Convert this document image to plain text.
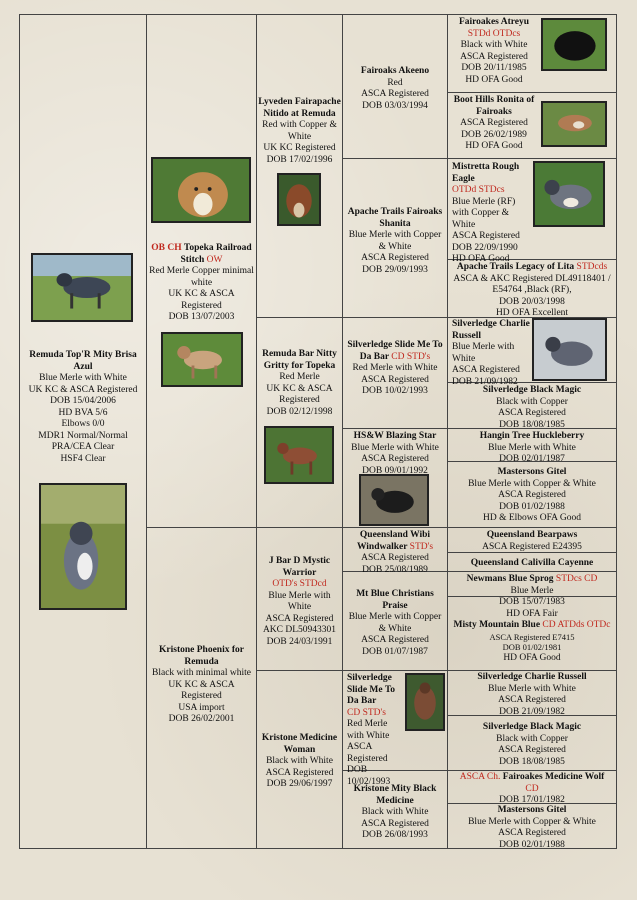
Remuda Top'R Mity Brisa Azul
Blue Merle with White
UK KC & ASCA Registered
DOB 15/04/2006
HD BVA 5/6
Elbows 0/0
MDR1 Normal/Normal
PRA/CEA Clear
HSF4 Clear
OB CH Topeka Railroad Stitch OW
Red Merle Copper minimal white
UK KC & ASCA Registered
DOB 13/07/2003
Kristone Phoenix for Remuda
Black with minimal white
UK KC & ASCA Registered
USA import
DOB 26/02/2001
Lyveden Fairapache Nitido at Remuda
Red with Copper & White
UK KC Registered
DOB 17/02/1996
Remuda Bar Nitty Gritty for Topeka
Red Merle
UK KC & ASCA Registered
DOB 02/12/1998
J Bar D Mystic Warrior
OTD's STDcd
Blue Merle with White
ASCA Registered
AKC DL50943301
DOB 24/03/1991
Kristone Medicine Woman
Black with White
ASCA Registered
DOB 29/06/1997
Fairoaks Akeeno
Red
ASCA Registered
DOB 03/03/1994
Apache Trails Fairoaks Shanita
Blue Merle with Copper & White
ASCA Registered
DOB 29/09/1993
Silverledge Slide Me To Da Bar CD STD's
Red Merle with White
ASCA Registered
DOB 10/02/1993
HS&W Blazing Star
Blue Merle with White
ASCA Registered
DOB 09/01/1992
Queensland Wibi Windwalker STD's
ASCA Registered
DOB 25/08/1989
Mt Blue Christians Praise
Blue Merle with Copper & White
ASCA Registered
DOB 01/07/1987
Silverledge Slide Me To Da Bar
CD STD's
Red Merle with White
ASCA Registered
DOB 10/02/1993
Kristone Mity Black Medicine
Black with White
ASCA Registered
DOB 26/08/1993
Fairoakes Atreyu
STDd OTDcs
Black with White
ASCA Registered
DOB 20/11/1985
HD OFA Good
Boot Hills Ronita of Fairoaks
ASCA Registered
DOB 26/02/1989
HD OFA Good
Mistretta Rough Eagle
OTDd STDcs
Blue Merle (RF) with Copper & White
ASCA Registered
DOB 22/09/1990
HD OFA Good
Apache Trails Legacy of Lita STDcds
ASCA & AKC Registered DL49118401 / E54764 ,Black (RF),
DOB 20/03/1998
HD OFA Excellent
Silverledge Charlie Russell
Blue Merle with White
ASCA Registered
DOB 21/09/1982
Silverledge Black Magic
Black with Copper
ASCA Registered
DOB 18/08/1985
Hangin Tree Huckleberry
Blue Merle with White
DOB 02/01/1987
Mastersons Gitel
Blue Merle with Copper & White
ASCA Registered
DOB 01/02/1988
HD & Elbows OFA Good
Queensland Bearpaws
ASCA Registered E24395
Queensland Calivilla Cayenne
Newmans Blue Sprog STDcs CD
Blue Merle
DOB 15/07/1983
HD OFA Fair
Misty Mountain Blue CD ATDds OTDc
ASCA Registered E7415
DOB 01/02/1981
HD OFA Good
Silverledge Charlie Russell
Blue Merle with White
ASCA Registered
DOB 21/09/1982
Silverledge Black Magic
Black with Copper
ASCA Registered
DOB 18/08/1985
ASCA Ch. Fairoakes Medicine Wolf
CD
DOB 17/01/1982
Mastersons Gitel
Blue Merle with Copper & White
ASCA Registered
DOB 02/01/1988
